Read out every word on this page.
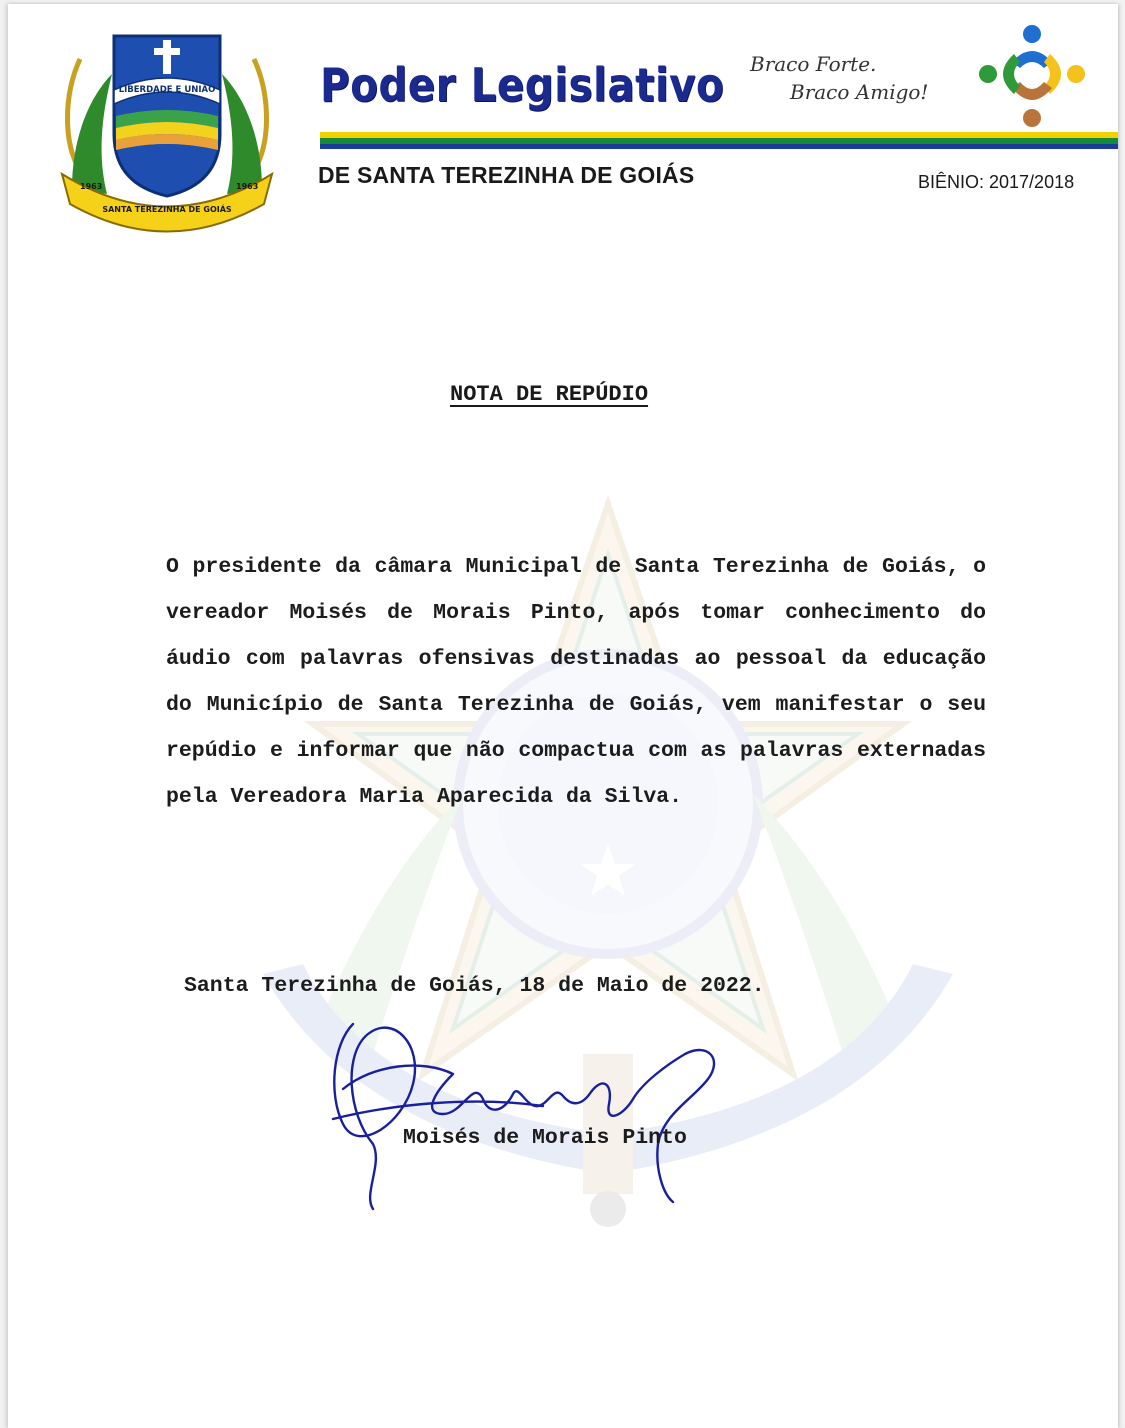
LIBERDADE E UNIÃO
SANTA TEREZINHA DE GOIÁS
1963	1963
Poder Legislativo
DE SANTA TEREZINHA DE GOIÁS	BIÊNIO: 2017/2018
Braco Forte.
Braco Amigo!
NOTA DE REPÚDIO
O presidente da câmara Municipal de Santa Terezinha de Goiás, o vereador Moisés de Morais Pinto, após tomar conhecimento do áudio com palavras ofensivas destinadas ao pessoal da educação do Município de Santa Terezinha de Goiás, vem manifestar o seu repúdio e informar que não compactua com as palavras externadas pela Vereadora Maria Aparecida da Silva.
Santa Terezinha de Goiás, 18 de Maio de 2022.
Moisés de Morais Pinto
